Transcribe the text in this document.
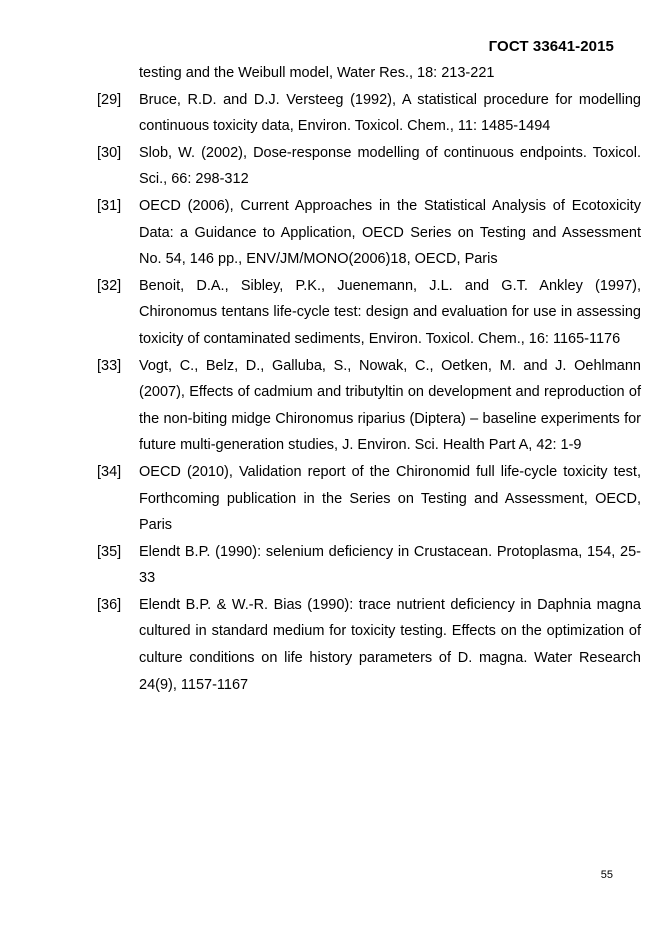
ГОСТ 33641-2015
testing and the Weibull model, Water Res., 18: 213-221
[29]	Bruce, R.D. and D.J. Versteeg (1992), A statistical procedure for modelling continuous toxicity data, Environ. Toxicol. Chem., 11: 1485-1494
[30]	Slob, W. (2002), Dose-response modelling of continuous endpoints. Toxicol. Sci., 66: 298-312
[31]	OECD (2006), Current Approaches in the Statistical Analysis of Ecotoxicity Data: a Guidance to Application, OECD Series on Testing and Assessment No. 54, 146 pp., ENV/JM/MONO(2006)18, OECD, Paris
[32]	Benoit, D.A., Sibley, P.K., Juenemann, J.L. and G.T. Ankley (1997), Chironomus tentans life-cycle test: design and evaluation for use in assessing toxicity of contaminated sediments, Environ. Toxicol. Chem., 16: 1165-1176
[33]	Vogt, C., Belz, D., Galluba, S., Nowak, C., Oetken, M. and J. Oehlmann (2007), Effects of cadmium and tributyltin on development and reproduction of the non-biting midge Chironomus riparius (Diptera) – baseline experiments for future multi-generation studies, J. Environ. Sci. Health Part A, 42: 1-9
[34]	OECD (2010), Validation report of the Chironomid full life-cycle toxicity test, Forthcoming publication in the Series on Testing and Assessment, OECD, Paris
[35]	Elendt B.P. (1990): selenium deficiency in Crustacean. Protoplasma, 154, 25-33
[36]	Elendt B.P. & W.-R. Bias (1990): trace nutrient deficiency in Daphnia magna cultured in standard medium for toxicity testing. Effects on the optimization of culture conditions on life history parameters of D. magna. Water Research 24(9), 1157-1167
55
